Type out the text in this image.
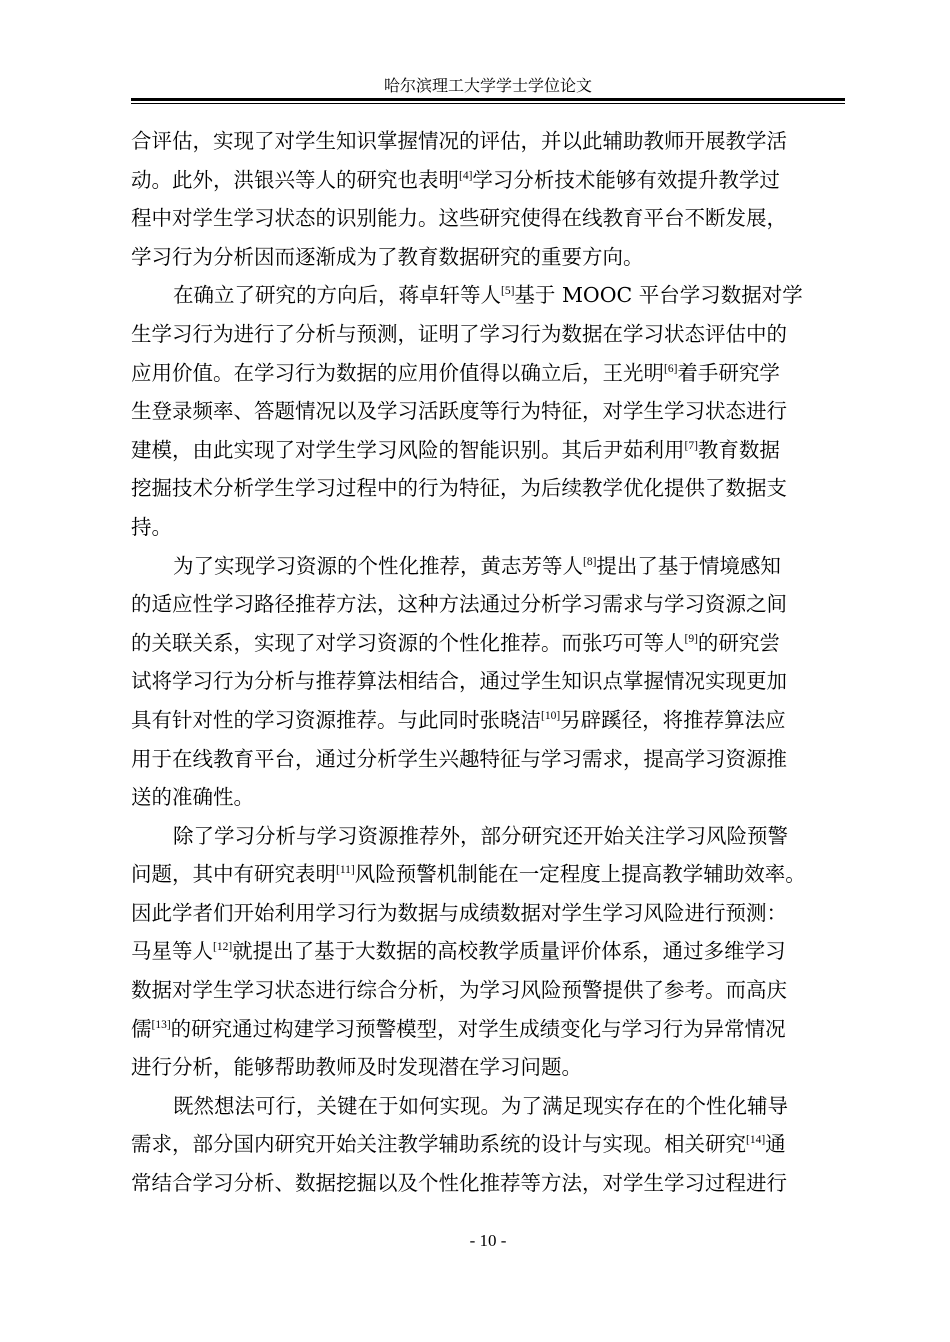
哈尔滨理工大学学士学位论文
合评估，实现了对学生知识掌握情况的评估，并以此辅助教师开展教学活
动。此外，洪银兴等人的研究也表明[4]学习分析技术能够有效提升教学过
程中对学生学习状态的识别能力。这些研究使得在线教育平台不断发展，
学习行为分析因而逐渐成为了教育数据研究的重要方向。
在确立了研究的方向后，蒋卓轩等人[5]基于 MOOC 平台学习数据对学
生学习行为进行了分析与预测，证明了学习行为数据在学习状态评估中的
应用价值。在学习行为数据的应用价值得以确立后，王光明[6]着手研究学
生登录频率、答题情况以及学习活跃度等行为特征，对学生学习状态进行
建模，由此实现了对学生学习风险的智能识别。其后尹茹利用[7]教育数据
挖掘技术分析学生学习过程中的行为特征，为后续教学优化提供了数据支
持。
为了实现学习资源的个性化推荐，黄志芳等人[8]提出了基于情境感知
的适应性学习路径推荐方法，这种方法通过分析学习需求与学习资源之间
的关联关系，实现了对学习资源的个性化推荐。而张巧可等人[9]的研究尝
试将学习行为分析与推荐算法相结合，通过学生知识点掌握情况实现更加
具有针对性的学习资源推荐。与此同时张晓洁[10]另辟蹊径，将推荐算法应
用于在线教育平台，通过分析学生兴趣特征与学习需求，提高学习资源推
送的准确性。
除了学习分析与学习资源推荐外，部分研究还开始关注学习风险预警
问题，其中有研究表明[11]风险预警机制能在一定程度上提高教学辅助效率。
因此学者们开始利用学习行为数据与成绩数据对学生学习风险进行预测：
马星等人[12]就提出了基于大数据的高校教学质量评价体系，通过多维学习
数据对学生学习状态进行综合分析，为学习风险预警提供了参考。而高庆
儒[13]的研究通过构建学习预警模型，对学生成绩变化与学习行为异常情况
进行分析，能够帮助教师及时发现潜在学习问题。
既然想法可行，关键在于如何实现。为了满足现实存在的个性化辅导
需求，部分国内研究开始关注教学辅助系统的设计与实现。相关研究[14]通
常结合学习分析、数据挖掘以及个性化推荐等方法，对学生学习过程进行
- 10 -
